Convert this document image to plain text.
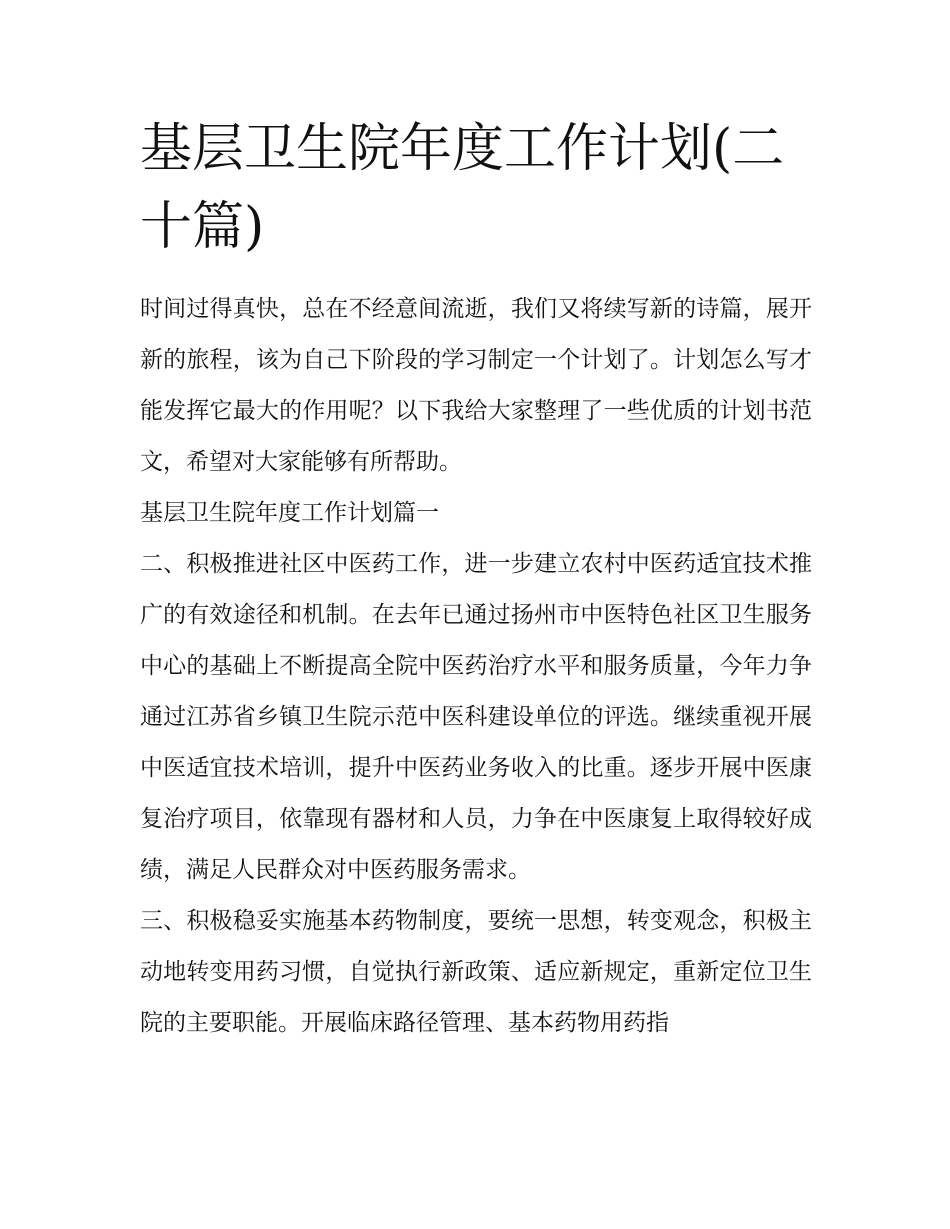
基层卫生院年度工作计划(二十篇)

时间过得真快，总在不经意间流逝，我们又将续写新的诗篇，展开新的旅程，该为自己下阶段的学习制定一个计划了。计划怎么写才能发挥它最大的作用呢？以下我给大家整理了一些优质的计划书范文，希望对大家能够有所帮助。

基层卫生院年度工作计划篇一

二、积极推进社区中医药工作，进一步建立农村中医药适宜技术推广的有效途径和机制。在去年已通过扬州市中医特色社区卫生服务中心的基础上不断提高全院中医药治疗水平和服务质量，今年力争通过江苏省乡镇卫生院示范中医科建设单位的评选。继续重视开展中医适宜技术培训，提升中医药业务收入的比重。逐步开展中医康复治疗项目，依靠现有器材和人员，力争在中医康复上取得较好成绩，满足人民群众对中医药服务需求。

三、积极稳妥实施基本药物制度，要统一思想，转变观念，积极主动地转变用药习惯，自觉执行新政策、适应新规定，重新定位卫生院的主要职能。开展临床路径管理、基本药物用药指
